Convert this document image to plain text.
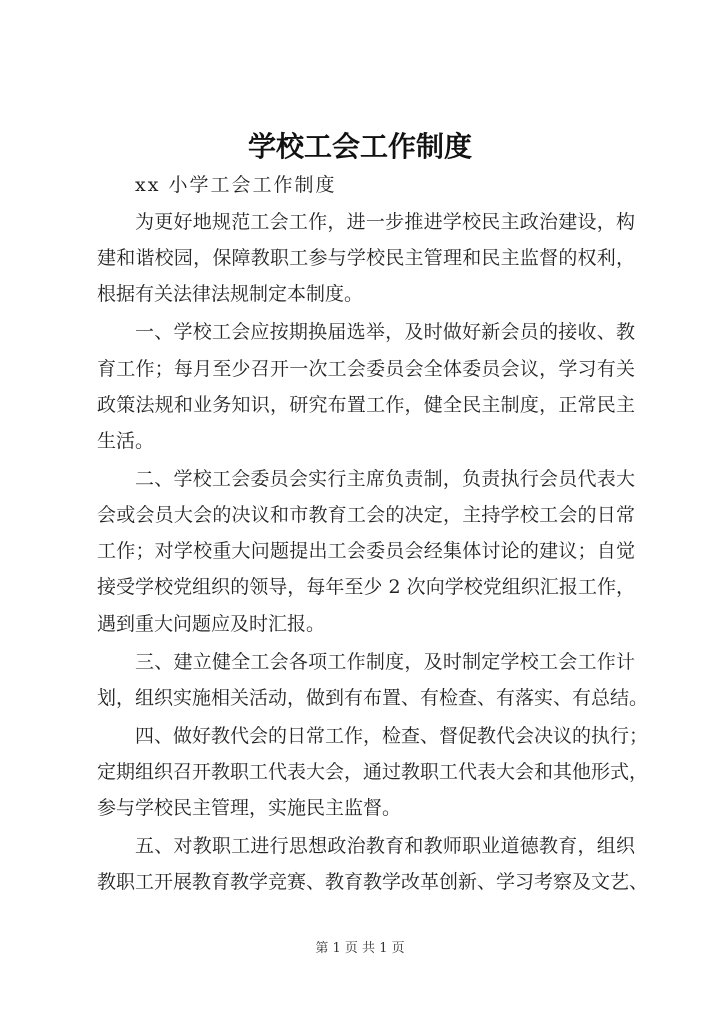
学校工会工作制度
xx 小学工会工作制度
为更好地规范工会工作，进一步推进学校民主政治建设，构
建和谐校园，保障教职工参与学校民主管理和民主监督的权利，
根据有关法律法规制定本制度。
一、学校工会应按期换届选举，及时做好新会员的接收、教
育工作；每月至少召开一次工会委员会全体委员会议，学习有关
政策法规和业务知识，研究布置工作，健全民主制度，正常民主
生活。
二、学校工会委员会实行主席负责制，负责执行会员代表大
会或会员大会的决议和市教育工会的决定，主持学校工会的日常
工作；对学校重大问题提出工会委员会经集体讨论的建议；自觉
接受学校党组织的领导，每年至少 2 次向学校党组织汇报工作，
遇到重大问题应及时汇报。
三、建立健全工会各项工作制度，及时制定学校工会工作计
划，组织实施相关活动，做到有布置、有检查、有落实、有总结。
四、做好教代会的日常工作，检查、督促教代会决议的执行；
定期组织召开教职工代表大会，通过教职工代表大会和其他形式，
参与学校民主管理，实施民主监督。
五、对教职工进行思想政治教育和教师职业道德教育，组织
教职工开展教育教学竞赛、教育教学改革创新、学习考察及文艺、
第 1 页 共 1 页
